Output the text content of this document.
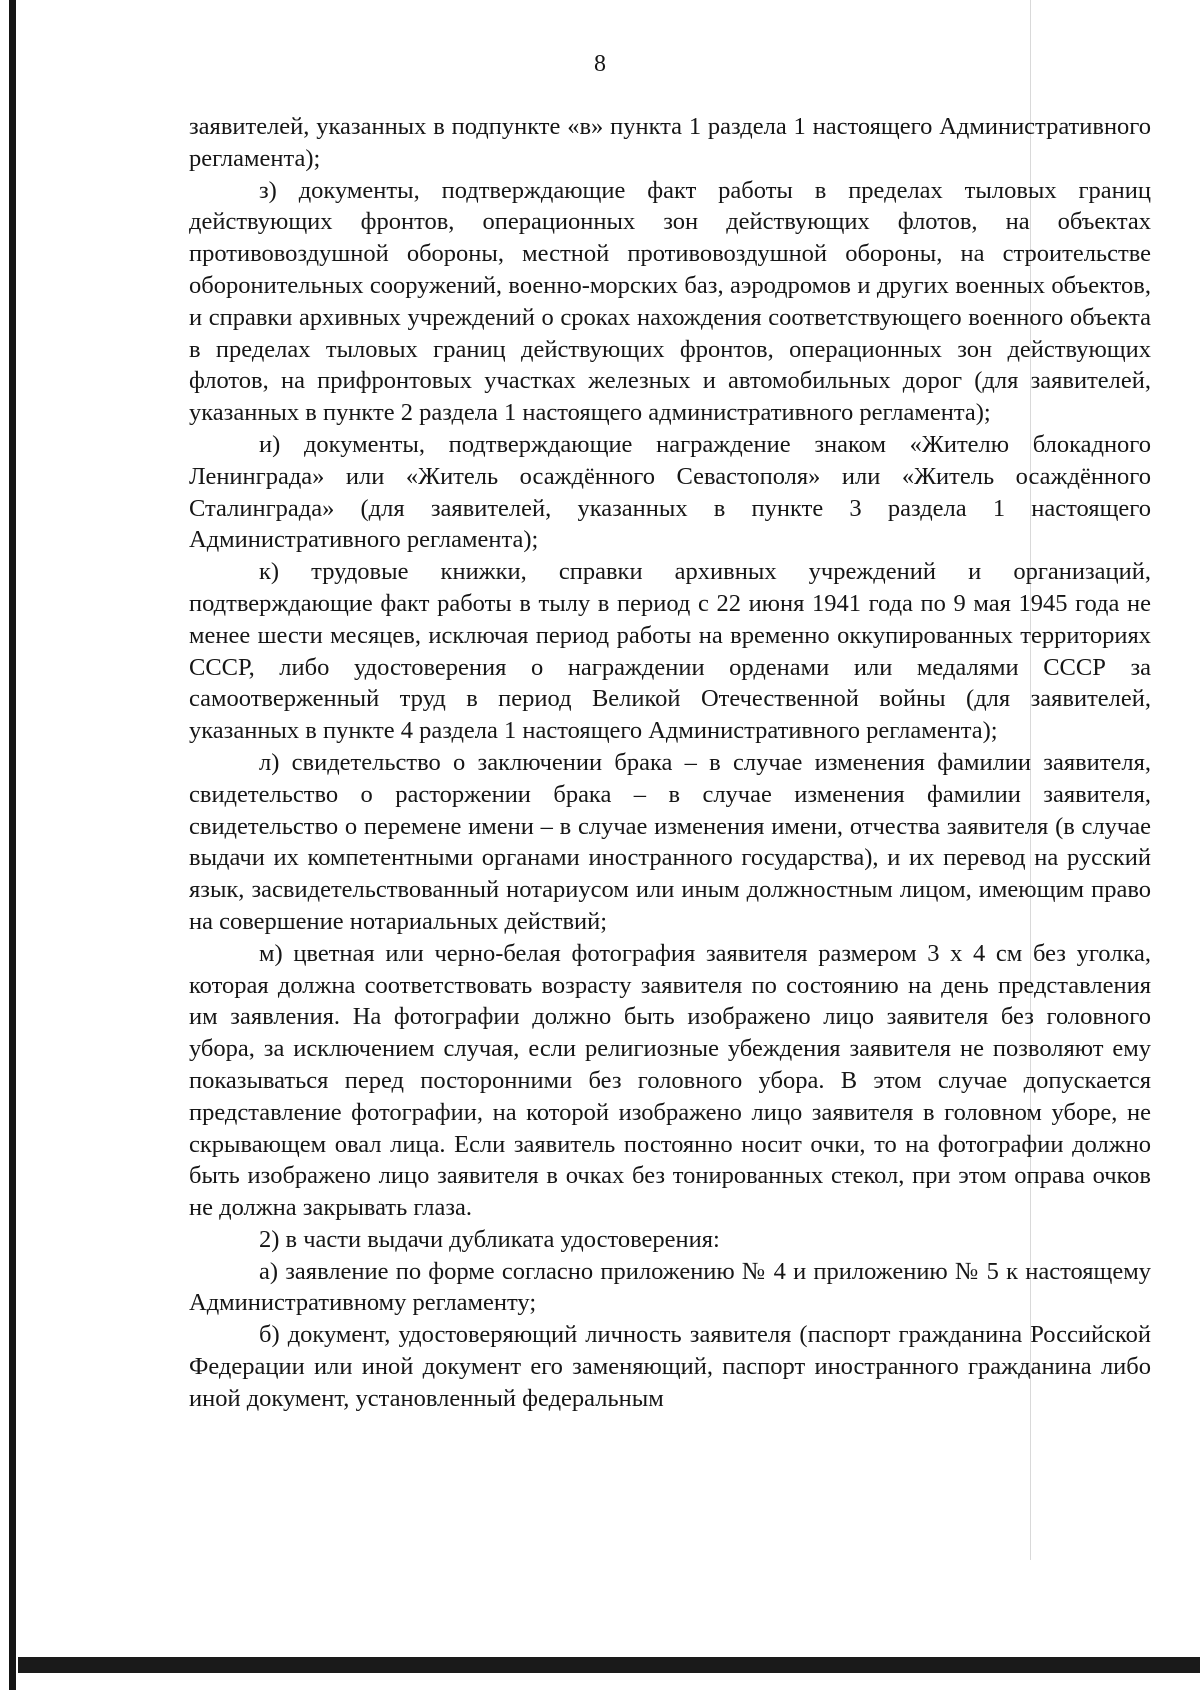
8

заявителей, указанных в подпункте «в» пункта 1 раздела 1 настоящего Административного регламента);

з) документы, подтверждающие факт работы в пределах тыловых границ действующих фронтов, операционных зон действующих флотов, на объектах противовоздушной обороны, местной противовоздушной обороны, на строительстве оборонительных сооружений, военно-морских баз, аэродромов и других военных объектов, и справки архивных учреждений о сроках нахождения соответствующего военного объекта в пределах тыловых границ действующих фронтов, операционных зон действующих флотов, на прифронтовых участках железных и автомобильных дорог (для заявителей, указанных в пункте 2 раздела 1 настоящего административного регламента);

и) документы, подтверждающие награждение знаком «Жителю блокадного Ленинграда» или «Житель осаждённого Севастополя» или «Житель осаждённого Сталинграда» (для заявителей, указанных в пункте 3 раздела 1 настоящего Административного регламента);

к) трудовые книжки, справки архивных учреждений и организаций, подтверждающие факт работы в тылу в период с 22 июня 1941 года по 9 мая 1945 года не менее шести месяцев, исключая период работы на временно оккупированных территориях СССР, либо удостоверения о награждении орденами или медалями СССР за самоотверженный труд в период Великой Отечественной войны (для заявителей, указанных в пункте 4 раздела 1 настоящего Административного регламента);

л) свидетельство о заключении брака – в случае изменения фамилии заявителя, свидетельство о расторжении брака – в случае изменения фамилии заявителя, свидетельство о перемене имени – в случае изменения имени, отчества заявителя (в случае выдачи их компетентными органами иностранного государства), и их перевод на русский язык, засвидетельствованный нотариусом или иным должностным лицом, имеющим право на совершение нотариальных действий;

м) цветная или черно-белая фотография заявителя размером 3 х 4 см без уголка, которая должна соответствовать возрасту заявителя по состоянию на день представления им заявления. На фотографии должно быть изображено лицо заявителя без головного убора, за исключением случая, если религиозные убеждения заявителя не позволяют ему показываться перед посторонними без головного убора. В этом случае допускается представление фотографии, на которой изображено лицо заявителя в головном уборе, не скрывающем овал лица. Если заявитель постоянно носит очки, то на фотографии должно быть изображено лицо заявителя в очках без тонированных стекол, при этом оправа очков не должна закрывать глаза.

2) в части выдачи дубликата удостоверения:

а) заявление по форме согласно приложению № 4 и приложению № 5 к настоящему Административному регламенту;

б) документ, удостоверяющий личность заявителя (паспорт гражданина Российской Федерации или иной документ его заменяющий, паспорт иностранного гражданина либо иной документ, установленный федеральным
